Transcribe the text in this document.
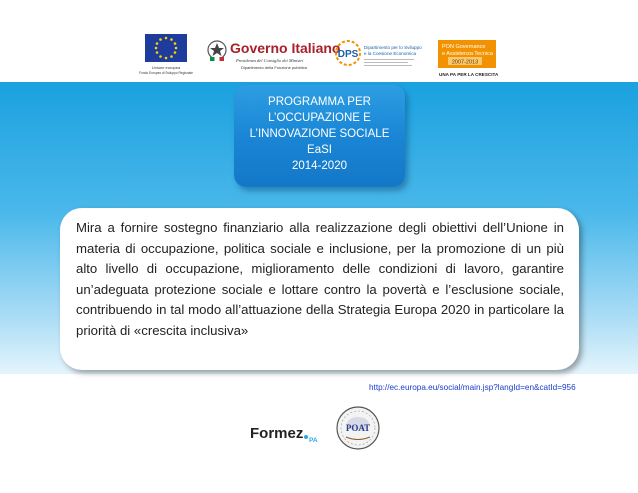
Unione europea
Fondo Europeo di Sviluppo Regionale
Governo Italiano
Presidenza del Consiglio dei Ministri
Dipartimento della Funzione pubblica
DPS
Dipartimento per lo Sviluppo
e la Coesione Economica
PON Governance
e Assistenza Tecnica
2007-2013
UNA PA PER LA CRESCITA
PROGRAMMA PER
L’OCCUPAZIONE E
L’INNOVAZIONE SOCIALE
EaSI
2014-2020

Mira a fornire sostegno finanziario alla realizzazione degli obiettivi dell’Unione in materia di occupazione, politica sociale e inclusione, per la promozione di un più alto livello di occupazione, miglioramento delle condizioni di lavoro, garantire un’adeguata protezione sociale e lottare contro la povertà e l’esclusione sociale, contribuendo in tal modo all’attuazione della Strategia Europa 2020 in particolare la priorità di «crescita inclusiva»

http://ec.europa.eu/social/main.jsp?langId=en&catId=956
Formez PA
POAT
